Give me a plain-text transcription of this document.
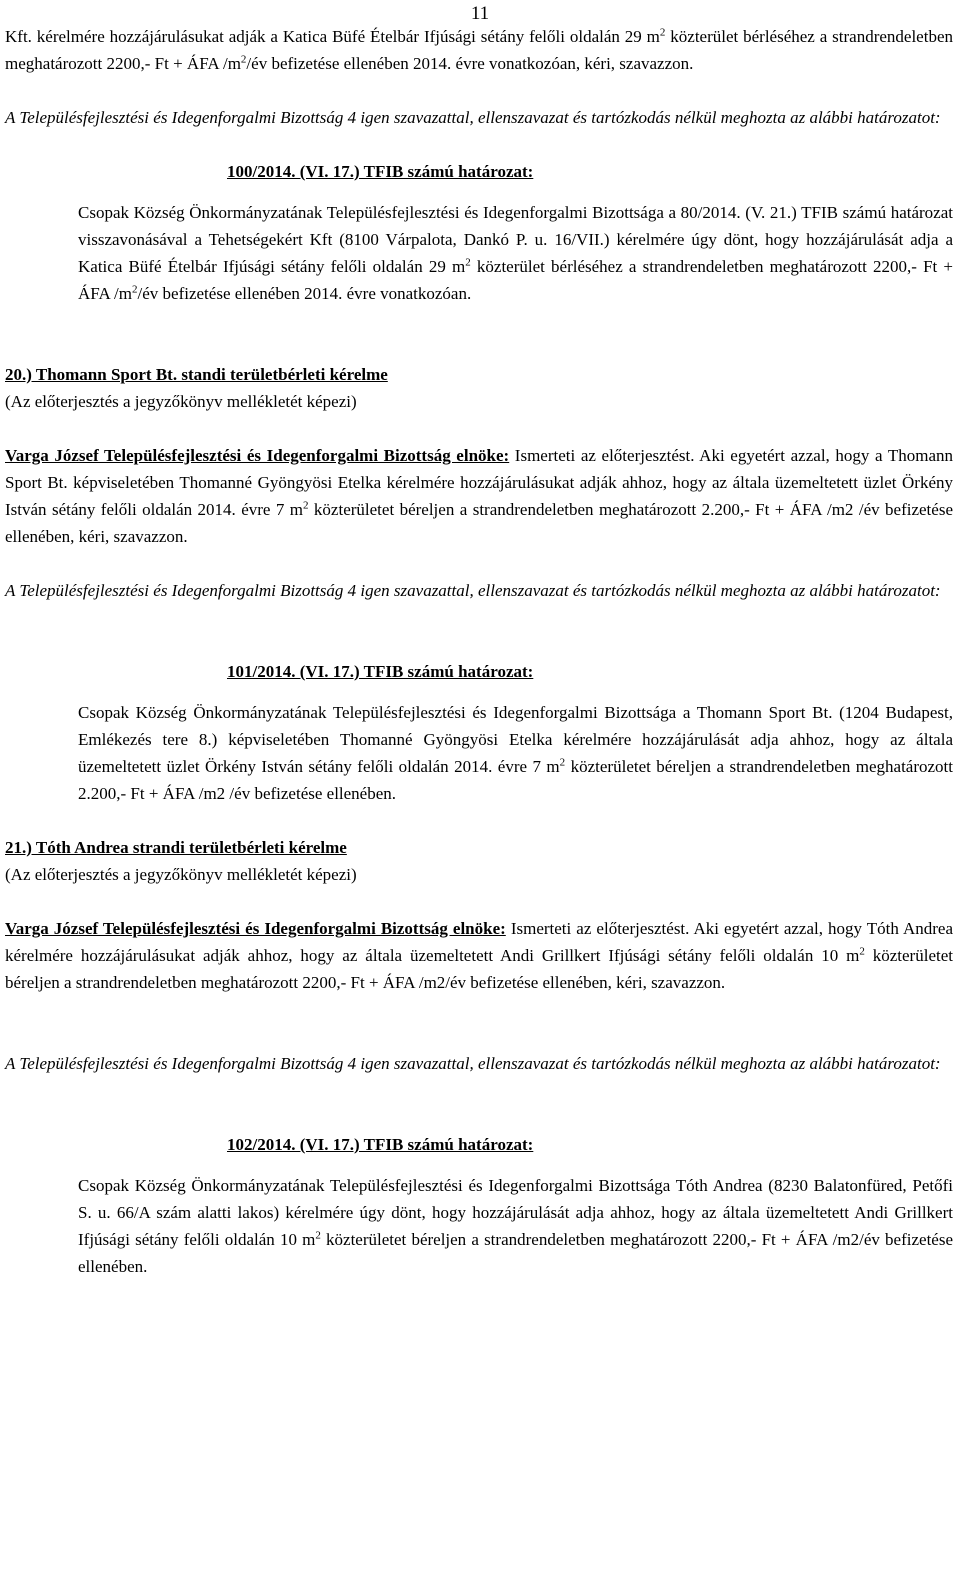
11

Kft. kérelmére hozzájárulásukat adják a Katica Büfé Ételbár Ifjúsági sétány felőli oldalán 29 $m^2$ közterület bérléséhez a strandrendeletben meghatározott 2200,- Ft + ÁFA $/m^2/év$ befizetése ellenében 2014. évre vonatkozóan, kéri, szavazzon.

A Településfejlesztési és Idegenforgalmi Bizottság 4 igen szavazattal, ellenszavazat és tartózkodás nélkül meghozta az alábbi határozatot:

100/2014. (VI. 17.) TFIB számú határozat:

Csopak Község Önkormányzatának Településfejlesztési és Idegenforgalmi Bizottsága a 80/2014. (V. 21.) TFIB számú határozat visszavonásával a Tehetségekért Kft (8100 Várpalota, Dankó P. u. 16/VII.) kérelmére úgy dönt, hogy hozzájárulását adja a Katica Büfé Ételbár Ifjúsági sétány felőli oldalán 29 $m^2$ közterület bérléséhez a strandrendeletben meghatározott 2200,- Ft + ÁFA $/m^2/év$ befizetése ellenében 2014. évre vonatkozóan.

20.) Thomann Sport Bt. standi területbérleti kérelme

(Az előterjesztés a jegyzőkönyv mellékletét képezi)

Varga József Településfejlesztési és Idegenforgalmi Bizottság elnöke: Ismerteti az előterjesztést. Aki egyetért azzal, hogy a Thomann Sport Bt. képviseletében Thomanné Gyöngyösi Etelka kérelmére hozzájárulásukat adják ahhoz, hogy az általa üzemeltetett üzlet Örkény István sétány felőli oldalán 2014. évre 7 $m^2$ közterületet béreljen a strandrendeletben meghatározott 2.200,- Ft + ÁFA /m2 /év befizetése ellenében, kéri, szavazzon.

A Településfejlesztési és Idegenforgalmi Bizottság 4 igen szavazattal, ellenszavazat és tartózkodás nélkül meghozta az alábbi határozatot:

101/2014. (VI. 17.) TFIB számú határozat:

Csopak Község Önkormányzatának Településfejlesztési és Idegenforgalmi Bizottsága a Thomann Sport Bt. (1204 Budapest, Emlékezés tere 8.) képviseletében Thomanné Gyöngyösi Etelka kérelmére hozzájárulását adja ahhoz, hogy az általa üzemeltetett üzlet Örkény István sétány felőli oldalán 2014. évre 7 $m^2$ közterületet béreljen a strandrendeletben meghatározott 2.200,- Ft + ÁFA /m2 /év befizetése ellenében.

21.) Tóth Andrea strandi területbérleti kérelme

(Az előterjesztés a jegyzőkönyv mellékletét képezi)

Varga József Településfejlesztési és Idegenforgalmi Bizottság elnöke: Ismerteti az előterjesztést. Aki egyetért azzal, hogy Tóth Andrea kérelmére hozzájárulásukat adják ahhoz, hogy az általa üzemeltetett Andi Grillkert Ifjúsági sétány felőli oldalán 10 $m^2$ közterületet béreljen a strandrendeletben meghatározott 2200,- Ft + ÁFA /m2/év befizetése ellenében, kéri, szavazzon.

A Településfejlesztési és Idegenforgalmi Bizottság 4 igen szavazattal, ellenszavazat és tartózkodás nélkül meghozta az alábbi határozatot:

102/2014. (VI. 17.) TFIB számú határozat:

Csopak Község Önkormányzatának Településfejlesztési és Idegenforgalmi Bizottsága Tóth Andrea (8230 Balatonfüred, Petőfi S. u. 66/A szám alatti lakos) kérelmére úgy dönt, hogy hozzájárulását adja ahhoz, hogy az általa üzemeltetett Andi Grillkert Ifjúsági sétány felőli oldalán 10 $m^2$ közterületet béreljen a strandrendeletben meghatározott 2200,- Ft + ÁFA /m2/év befizetése ellenében.
